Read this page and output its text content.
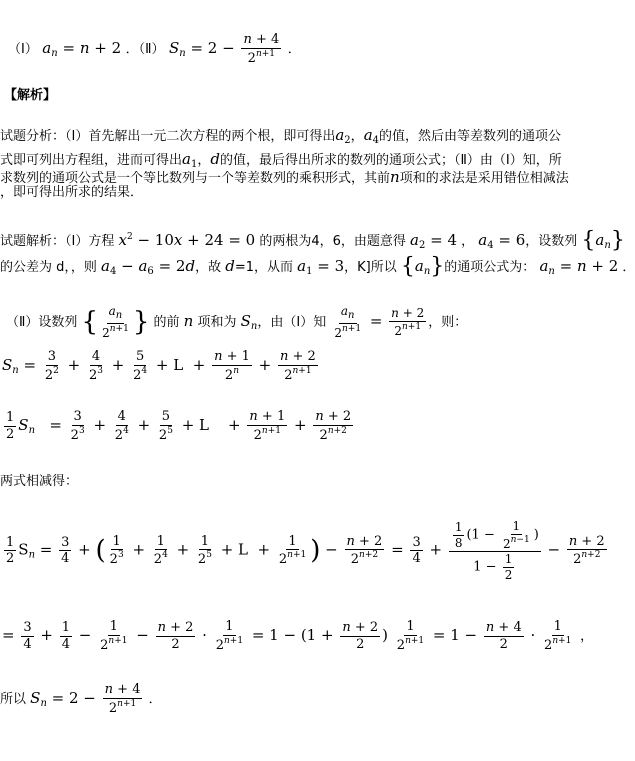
（Ⅰ） $a_n = n + 2$ ．（Ⅱ） $S_n = 2 - \frac{n + 4}{2^{n+1}}$ ．
【解析】
试题分析：（Ⅰ）首先解出一元二次方程的两个根，即可得出$a_2$，$a_4$的值，然后由等差数列的通项公
式即可列出方程组，进而可得出$a_1$，d的值，最后得出所求的数列的通项公式；（Ⅱ）由（Ⅰ）知，所
求数列的通项公式是一个等比数列与一个等差数列的乘积形式，其前n项和的求法是采用错位相减法
，即可得出所求的结果．
试题解析：（Ⅰ）方程 $x^2 - 10x + 24 = 0$ 的两根为4，6，由题意得 $a_2 = 4$ ， $a_4 = 6$，设数列 $\{a_n\}$
的公差为 d，，则 $a_4 - a_6 = 2d$，故 d=1，从而 $a_1 = 3$，K]所以 $\{a_n\}$的通项公式为： $a_n = n + 2$ ．
（Ⅱ）设数列 { $\frac{a_n}{2^{n+1}}$ } 的前 n 项和为 $S_n$，由（Ⅰ）知 $\frac{a_n}{2^{n+1}} = \frac{n + 2}{2^{n+1}}$ ，则：
$S_n = \frac{3}{2^2} + \frac{4}{2^3} + \frac{5}{2^4} + L + \frac{n + 1}{2^n} + \frac{n + 2}{2^{n+1}}$
$\frac{1}{2} S_n = \frac{3}{2^3} + \frac{4}{2^4} + \frac{5}{2^5} + L$    + $\frac{n + 1}{2^{n+1}} + \frac{n + 2}{2^{n+2}}$
两式相减得：
$\frac{1}{2} S_n = \frac{3}{4}$ + ( $\frac{1}{2^3} + \frac{1}{2^4} + \frac{1}{2^5} + L + \frac{1}{2^{n+1}}$ ) − $\frac{n + 2}{2^{n+2}} = \frac{3}{4} + \frac{\frac{1}{8} (1 - \frac{1}{2^{n-1}} )}{1 - \frac{1}{2}} - \frac{n + 2}{2^{n+2}}$
= $\frac{3}{4} + \frac{1}{4} - \frac{1}{2^{n+1}} - \frac{n + 2}{2} \cdot \frac{1}{2^{n+1}} = 1 - (1 + \frac{n + 2}{2}$ ) $\frac{1}{2^{n+1}} = 1 - \frac{n + 4}{2} \cdot \frac{1}{2^{n+1}}$ ，
所以 $S_n = 2 - \frac{n + 4}{2^{n+1}}$ ．
